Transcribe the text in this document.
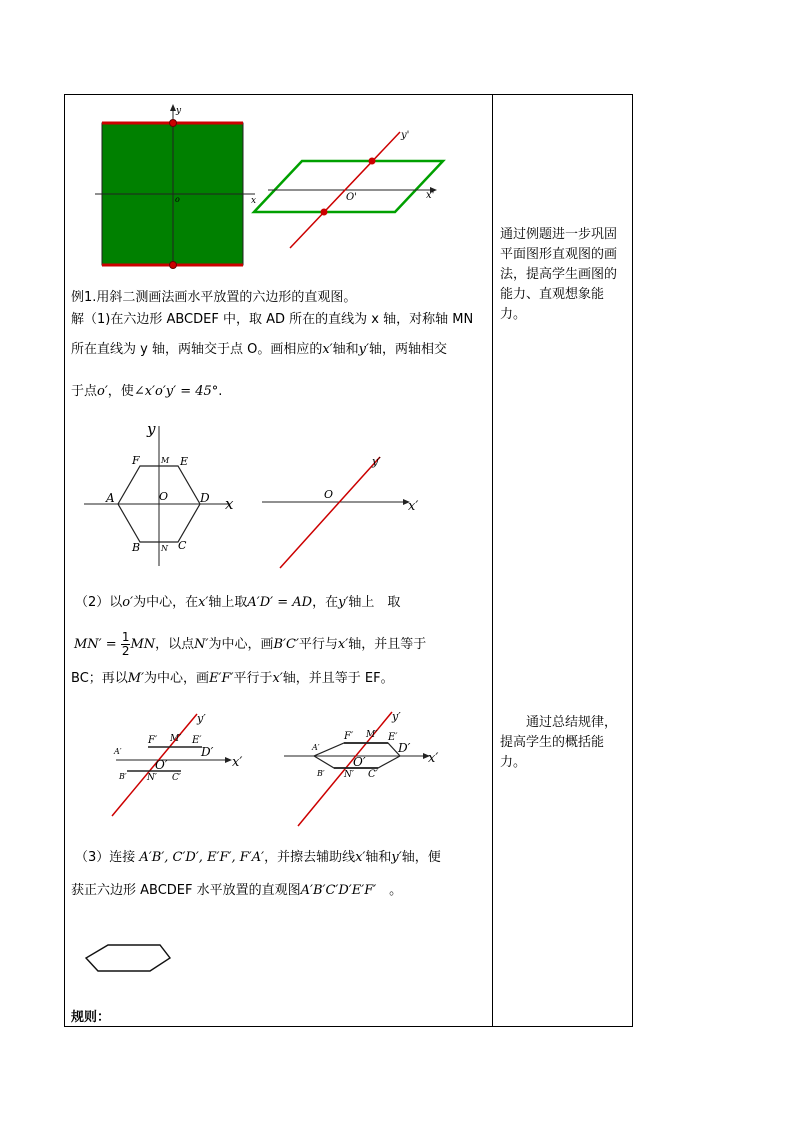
y
x
o
y'
x'
O'
例1.用斜二测画法画水平放置的六边形的直观图。
解（1)在六边形 ABCDEF 中，取 AD 所在的直线为 x 轴，对称轴 MN
所在直线为 y 轴，两轴交于点 O。画相应的x′轴和y′轴，两轴相交
于点o′，使∠x′o′y′ = 45°.
y
x
F	M E
A	O	D
B	N C
y′
O
x′
（2）以o′为中心，在x′轴上取A′D′ = AD，在y′轴上　取
$MN' = \frac{1}{2}$ MN，以点N′为中心，画B′C′平行与x′轴，并且等于
BC；再以M′为中心，画E′F′平行于x′轴，并且等于 EF。
y′
F′ M′ E′
A′	D′
x′
O′
B′ N′ C′
y′
F′ M′ E′
A′	D′
x′
O′
B′ N′ C′
（3）连接 A′B′, C′D′, E′F′, F′A′，并擦去辅助线x′轴和y′轴，便
获正六边形 ABCDEF 水平放置的直观图A′B′C′D′E′F′　。
规则：
通过例题进一步巩固平面图形直观图的画法，提高学生画图的能力、直观想象能力。
　　通过总结规律，提高学生的概括能力。
